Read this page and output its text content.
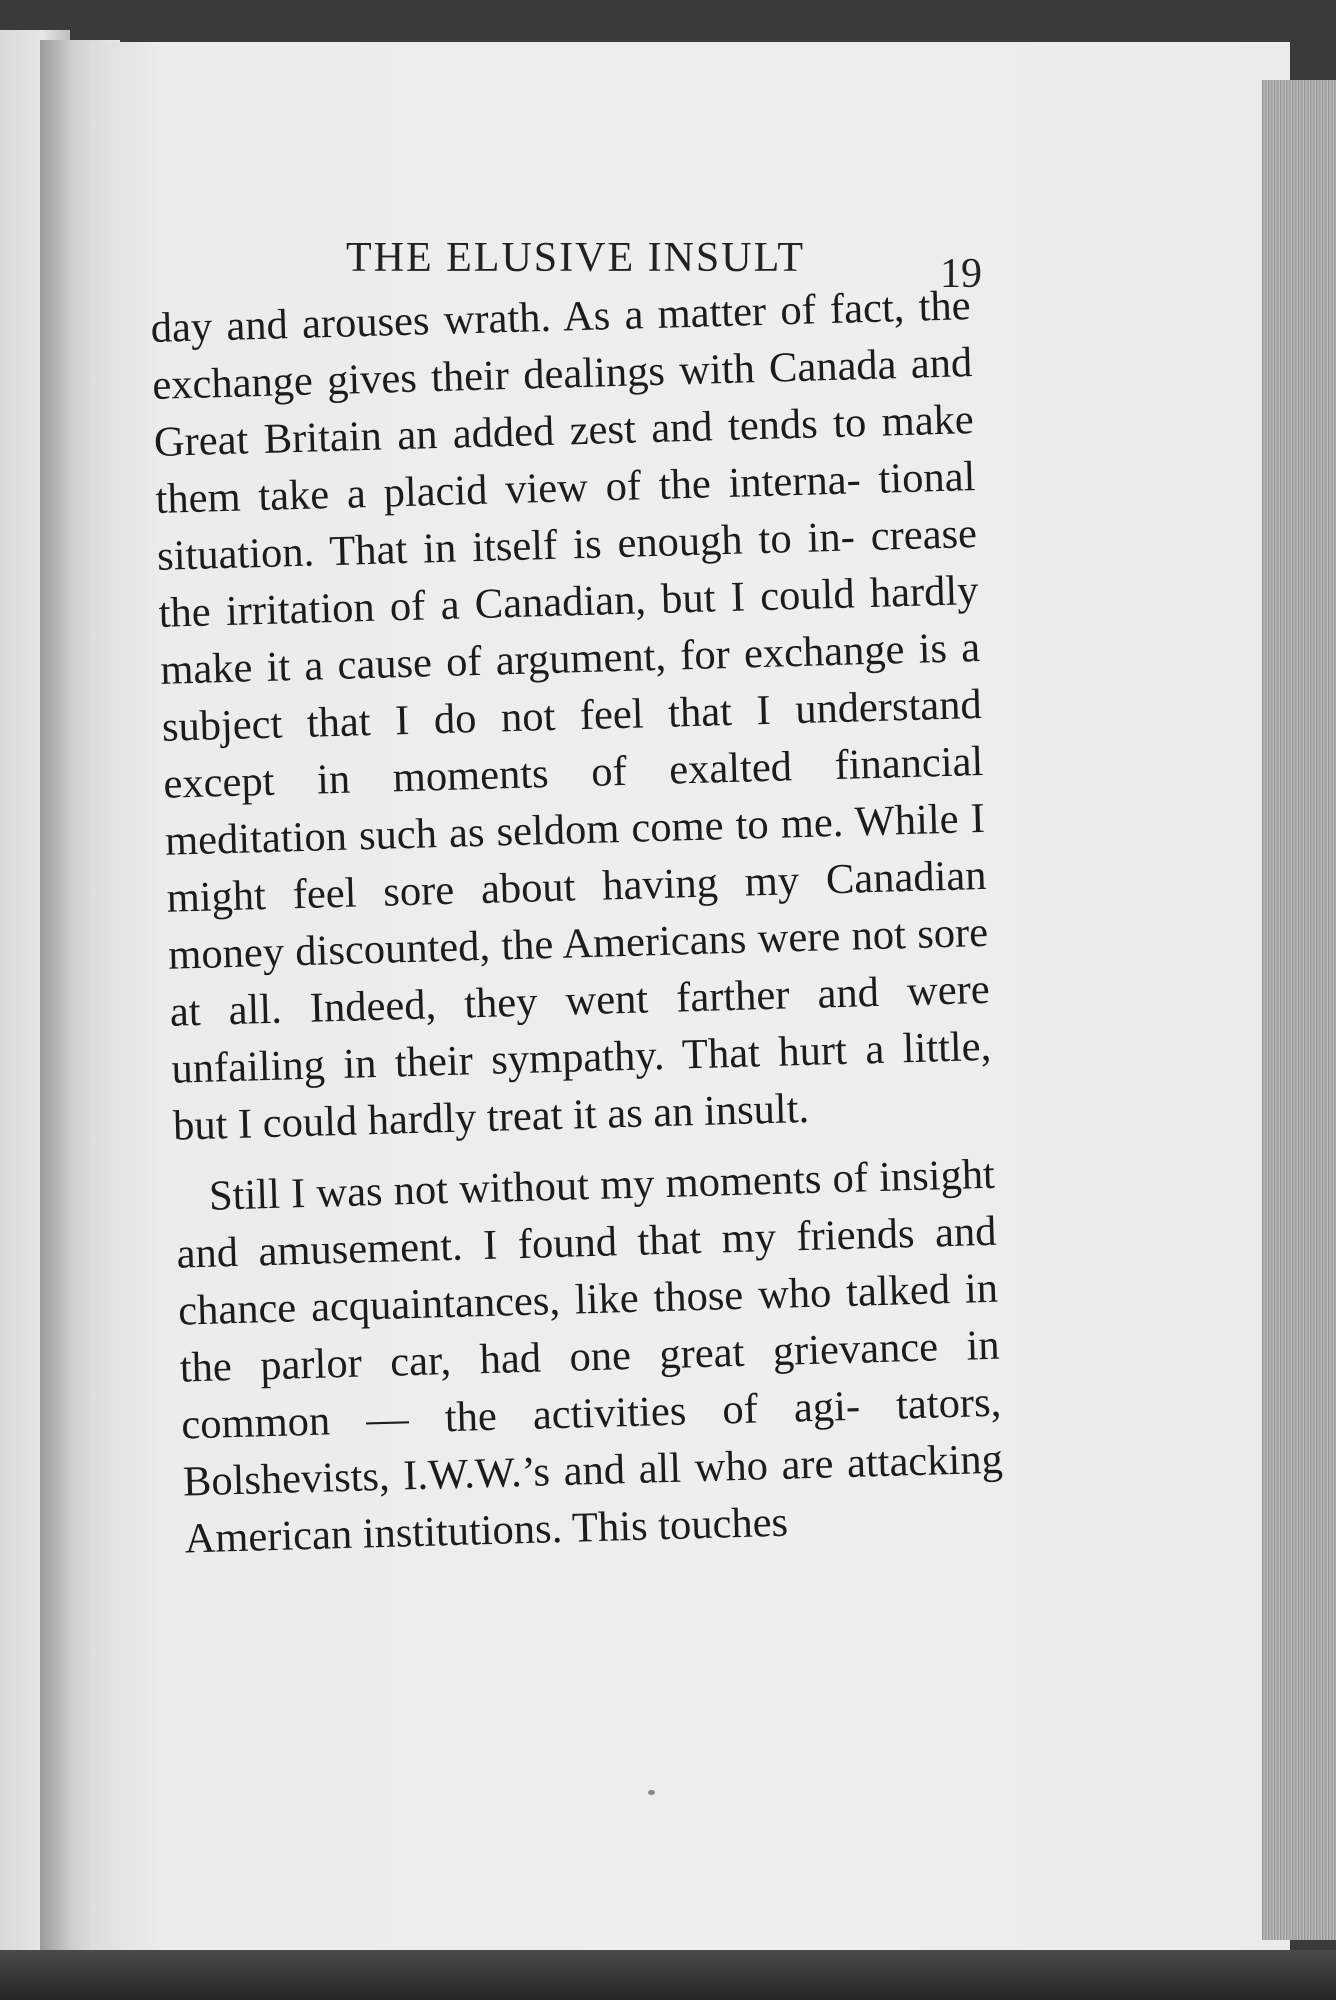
THE ELUSIVE INSULT	19

day and arouses wrath. As a matter of fact, the exchange gives their dealings with Canada and Great Britain an added zest and tends to make them take a placid view of the interna- tional situation. That in itself is enough to in- crease the irritation of a Canadian, but I could hardly make it a cause of argument, for exchange is a subject that I do not feel that I understand except in moments of exalted financial meditation such as seldom come to me. While I might feel sore about having my Canadian money discounted, the Americans were not sore at all. Indeed, they went farther and were unfailing in their sympathy. That hurt a little, but I could hardly treat it as an insult.

Still I was not without my moments of insight and amusement. I found that my friends and chance acquaintances, like those who talked in the parlor car, had one great grievance in common — the activities of agi- tators, Bolshevists, I.W.W.’s and all who are attacking American institutions. This touches
